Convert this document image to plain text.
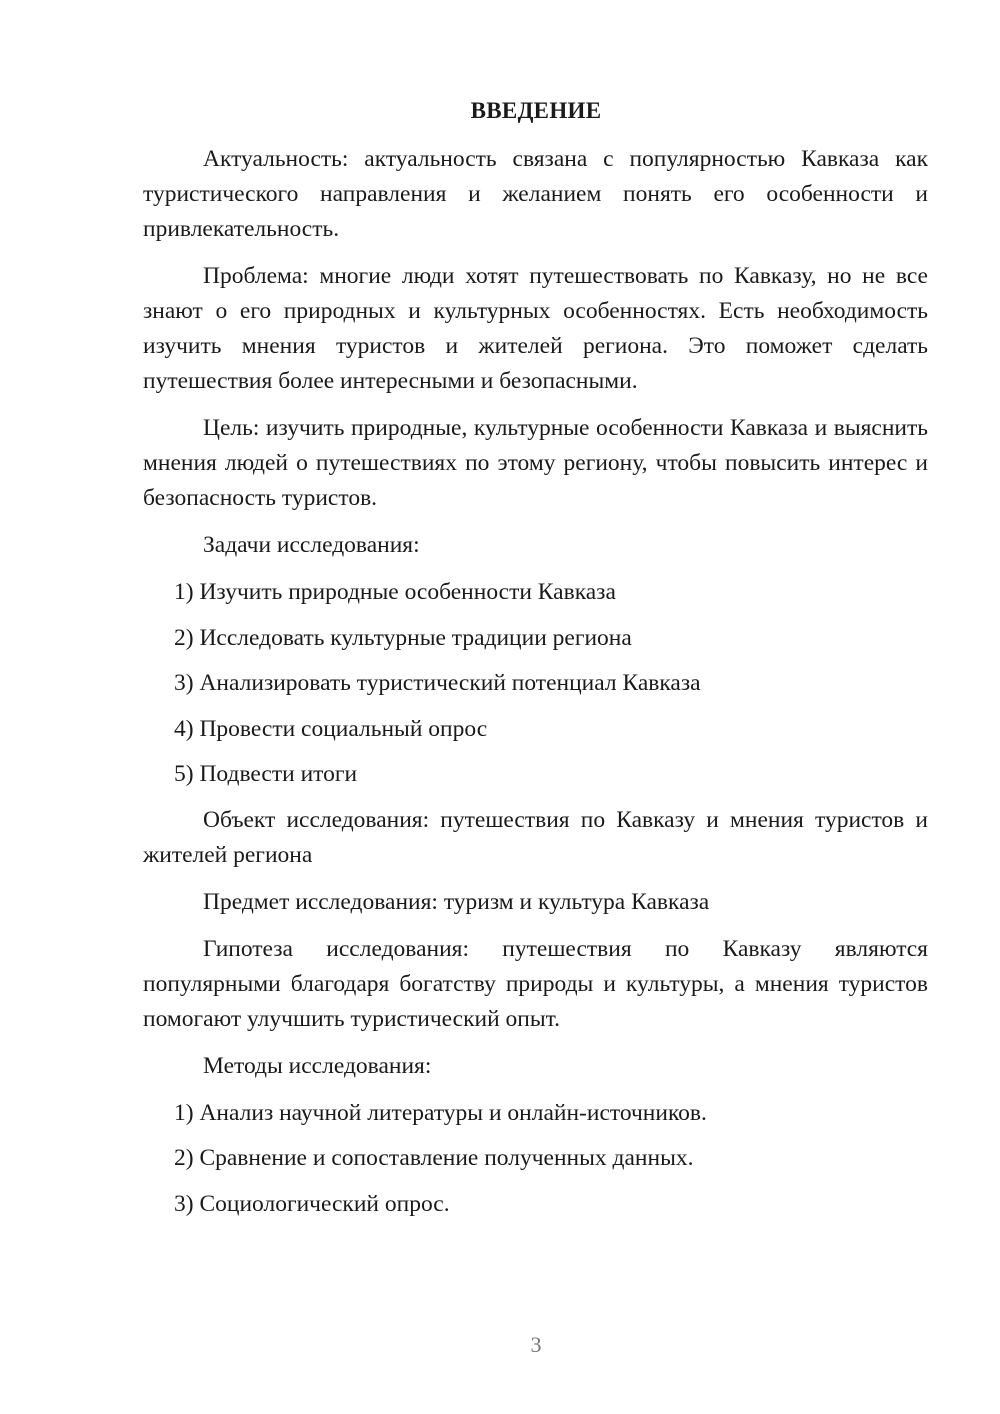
ВВЕДЕНИЕ

Актуальность: актуальность связана с популярностью Кавказа как туристического направления и желанием понять его особенности и привлекательность.

Проблема: многие люди хотят путешествовать по Кавказу, но не все знают о его природных и культурных особенностях. Есть необходимость изучить мнения туристов и жителей региона. Это поможет сделать путешествия более интересными и безопасными.

Цель: изучить природные, культурные особенности Кавказа и выяснить мнения людей о путешествиях по этому региону, чтобы повысить интерес и безопасность туристов.

Задачи исследования:

1) Изучить природные особенности Кавказа
2) Исследовать культурные традиции региона
3) Анализировать туристический потенциал Кавказа
4) Провести социальный опрос
5) Подвести итоги

Объект исследования: путешествия по Кавказу и мнения туристов и жителей региона

Предмет исследования: туризм и культура Кавказа

Гипотеза исследования: путешествия по Кавказу являются популярными благодаря богатству природы и культуры, а мнения туристов помогают улучшить туристический опыт.

Методы исследования:

1) Анализ научной литературы и онлайн-источников.
2) Сравнение и сопоставление полученных данных.
3) Социологический опрос.
3
